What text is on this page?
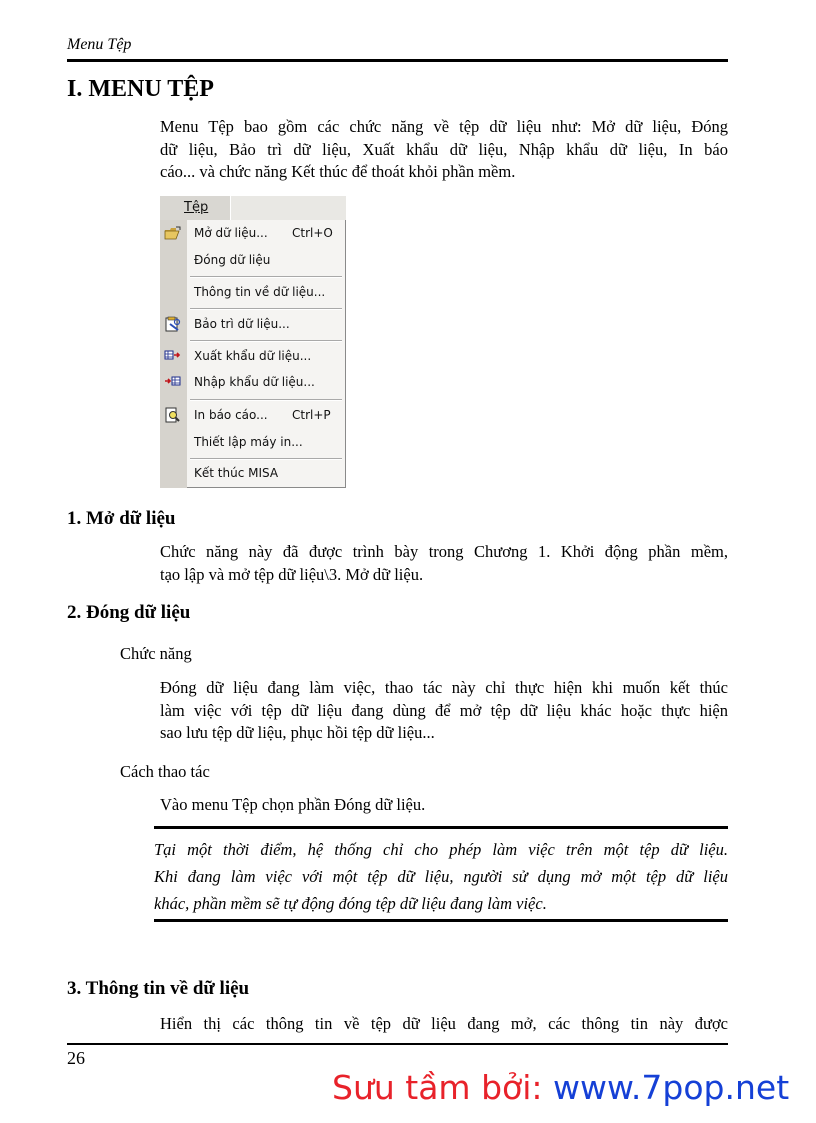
Menu Tệp
I. MENU TỆP
Menu Tệp bao gồm các chức năng về tệp dữ liệu như: Mở dữ liệu, Đóng
dữ liệu, Bảo trì dữ liệu, Xuất khẩu dữ liệu, Nhập khẩu dữ liệu, In báo
cáo... và chức năng Kết thúc để thoát khỏi phần mềm.
Tệp
Mở dữ liệu... Ctrl+O
Đóng dữ liệu
Thông tin về dữ liệu...
Bảo trì dữ liệu...
Xuất khẩu dữ liệu...
Nhập khẩu dữ liệu...
In báo cáo... Ctrl+P
Thiết lập máy in...
Kết thúc MISA
1. Mở dữ liệu
Chức năng này đã được trình bày trong Chương 1. Khởi động phần mềm,
tạo lập và mở tệp dữ liệu\3. Mở dữ liệu.
2. Đóng dữ liệu
Chức năng
Đóng dữ liệu đang làm việc, thao tác này chỉ thực hiện khi muốn kết thúc
làm việc với tệp dữ liệu đang dùng để mở tệp dữ liệu khác hoặc thực hiện
sao lưu tệp dữ liệu, phục hồi tệp dữ liệu...
Cách thao tác
Vào menu Tệp chọn phần Đóng dữ liệu.
Tại một thời điểm, hệ thống chỉ cho phép làm việc trên một tệp dữ liệu.
Khi đang làm việc với một tệp dữ liệu, người sử dụng mở một tệp dữ liệu
khác, phần mềm sẽ tự động đóng tệp dữ liệu đang làm việc.
3. Thông tin về dữ liệu
Hiển thị các thông tin về tệp dữ liệu đang mở, các thông tin này được
26
Sưu tầm bởi: www.7pop.net
